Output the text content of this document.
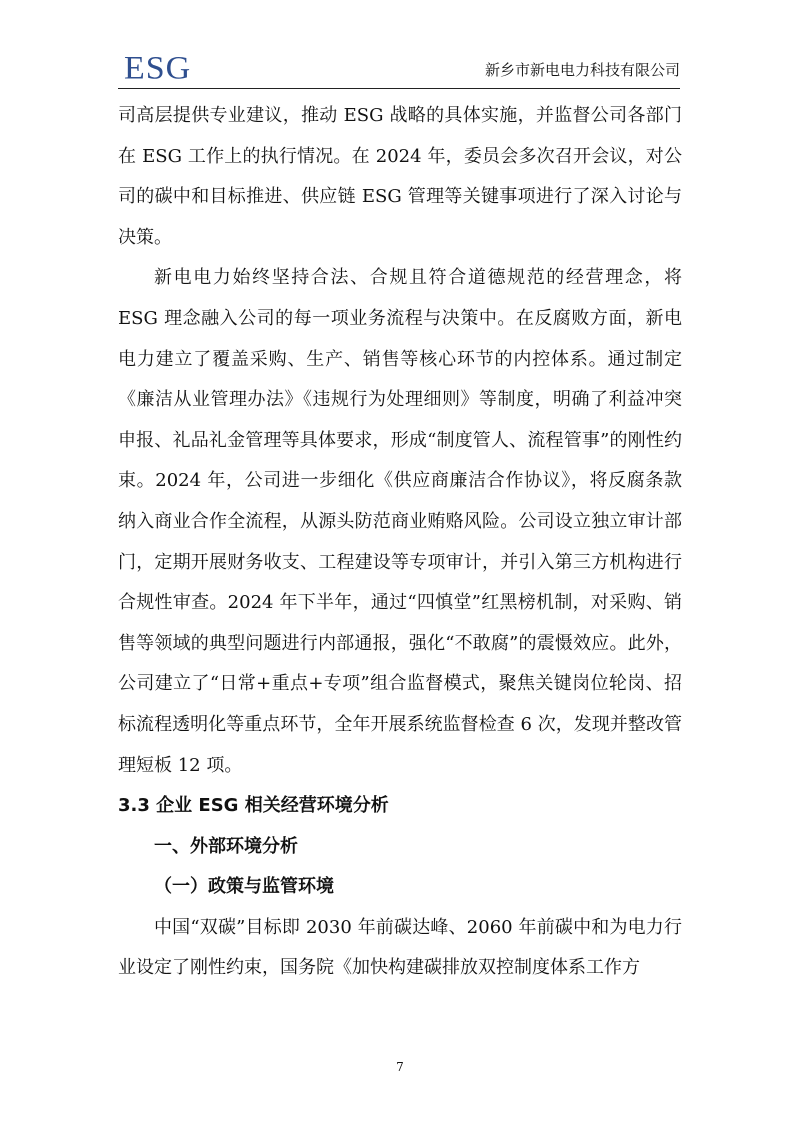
ESG	新乡市新电电力科技有限公司

司高层提供专业建议，推动 ESG 战略的具体实施，并监督公司各部门在 ESG 工作上的执行情况。在 2024 年，委员会多次召开会议，对公司的碳中和目标推进、供应链 ESG 管理等关键事项进行了深入讨论与决策。

新电电力始终坚持合法、合规且符合道德规范的经营理念，将 ESG 理念融入公司的每一项业务流程与决策中。在反腐败方面，新电电力建立了覆盖采购、生产、销售等核心环节的内控体系。通过制定《廉洁从业管理办法》《违规行为处理细则》等制度，明确了利益冲突申报、礼品礼金管理等具体要求，形成“制度管人、流程管事”的刚性约束。2024 年，公司进一步细化《供应商廉洁合作协议》，将反腐条款纳入商业合作全流程，从源头防范商业贿赂风险。公司设立独立审计部门，定期开展财务收支、工程建设等专项审计，并引入第三方机构进行合规性审查。2024 年下半年，通过“四慎堂”红黑榜机制，对采购、销售等领域的典型问题进行内部通报，强化“不敢腐”的震慑效应。此外，公司建立了“日常+重点+专项”组合监督模式，聚焦关键岗位轮岗、招标流程透明化等重点环节，全年开展系统监督检查 6 次，发现并整改管理短板 12 项。

3.3 企业 ESG 相关经营环境分析

一、外部环境分析

（一）政策与监管环境

中国“双碳”目标即 2030 年前碳达峰、2060 年前碳中和为电力行业设定了刚性约束，国务院《加快构建碳排放双控制度体系工作方

7
